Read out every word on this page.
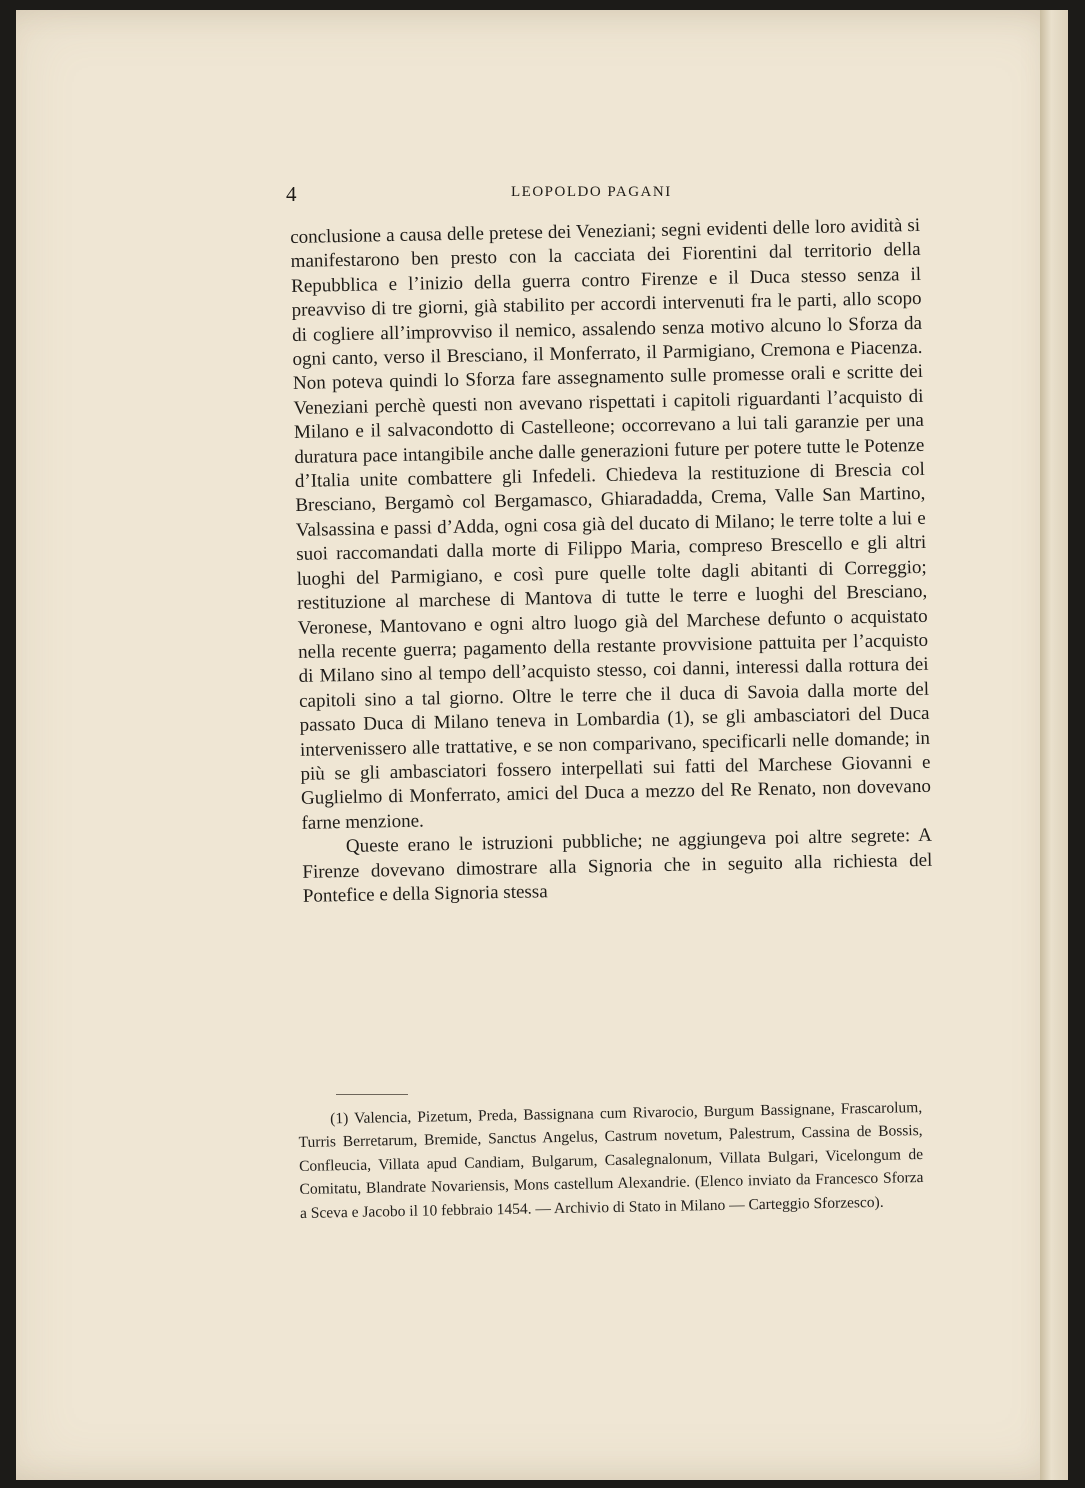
4	LEOPOLDO PAGANI

conclusione a causa delle pretese dei Veneziani; segni evidenti delle loro avidità si manifestarono ben presto con la cacciata dei Fiorentini dal territorio della Repubblica e l’inizio della guerra contro Firenze e il Duca stesso senza il preavviso di tre giorni, già stabilito per accordi intervenuti fra le parti, allo scopo di cogliere all’improvviso il nemico, assalendo senza motivo alcuno lo Sforza da ogni canto, verso il Bresciano, il Monferrato, il Parmigiano, Cremona e Piacenza. Non poteva quindi lo Sforza fare assegnamento sulle promesse orali e scritte dei Veneziani perchè questi non avevano rispettati i capitoli riguardanti l’acquisto di Milano e il salvacondotto di Castelleone; occorrevano a lui tali garanzie per una duratura pace intangibile anche dalle generazioni future per potere tutte le Potenze d’Italia unite combattere gli Infedeli. Chiedeva la restituzione di Brescia col Bresciano, Bergamò col Bergamasco, Ghiaradadda, Crema, Valle San Martino, Valsassina e passi d’Adda, ogni cosa già del ducato di Milano; le terre tolte a lui e suoi raccomandati dalla morte di Filippo Maria, compreso Brescello e gli altri luoghi del Parmigiano, e così pure quelle tolte dagli abitanti di Correggio; restituzione al marchese di Mantova di tutte le terre e luoghi del Bresciano, Veronese, Mantovano e ogni altro luogo già del Marchese defunto o acquistato nella recente guerra; pagamento della restante provvisione pattuita per l’acquisto di Milano sino al tempo dell’acquisto stesso, coi danni, interessi dalla rottura dei capitoli sino a tal giorno. Oltre le terre che il duca di Savoia dalla morte del passato Duca di Milano teneva in Lombardia (1), se gli ambasciatori del Duca intervenissero alle trattative, e se non comparivano, specificarli nelle domande; in più se gli ambasciatori fossero interpellati sui fatti del Marchese Giovanni e Guglielmo di Monferrato, amici del Duca a mezzo del Re Renato, non dovevano farne menzione.

Queste erano le istruzioni pubbliche; ne aggiungeva poi altre segrete: A Firenze dovevano dimostrare alla Signoria che in seguito alla richiesta del Pontefice e della Signoria stessa

(1) Valencia, Pizetum, Preda, Bassignana cum Rivarocio, Burgum Bassignane, Frascarolum, Turris Berretarum, Bremide, Sanctus Angelus, Castrum novetum, Palestrum, Cassina de Bossis, Confleucia, Villata apud Candiam, Bulgarum, Casalegnalonum, Villata Bulgari, Vicelongum de Comitatu, Blandrate Novariensis, Mons castellum Alexandrie. (Elenco inviato da Francesco Sforza a Sceva e Jacobo il 10 febbraio 1454. — Archivio di Stato in Milano — Carteggio Sforzesco).
